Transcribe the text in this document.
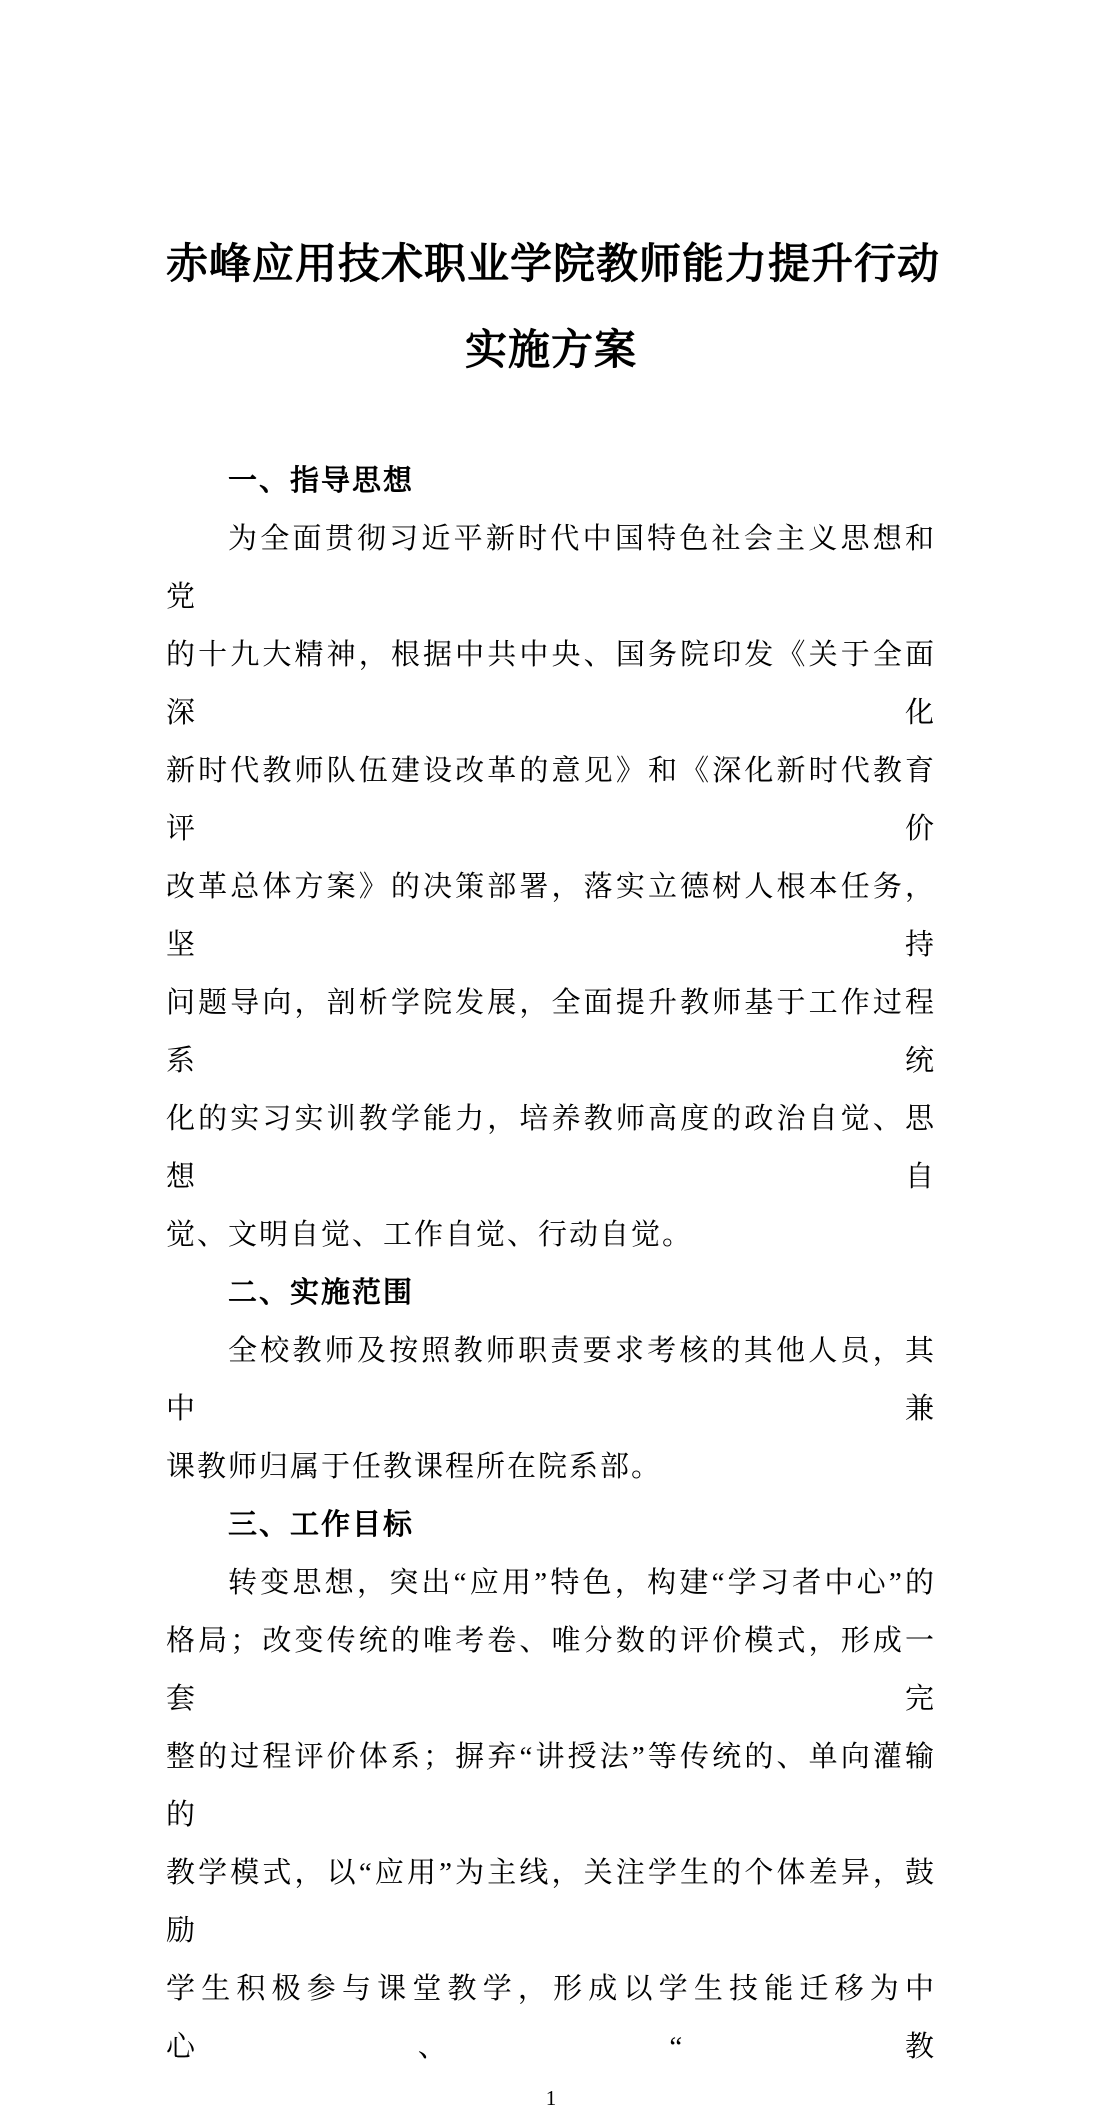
赤峰应用技术职业学院教师能力提升行动
实施方案
一、指导思想
为全面贯彻习近平新时代中国特色社会主义思想和党
的十九大精神，根据中共中央、国务院印发《关于全面深化
新时代教师队伍建设改革的意见》和《深化新时代教育评价
改革总体方案》的决策部署，落实立德树人根本任务，坚持
问题导向，剖析学院发展，全面提升教师基于工作过程系统
化的实习实训教学能力，培养教师高度的政治自觉、思想自
觉、文明自觉、工作自觉、行动自觉。
二、实施范围
全校教师及按照教师职责要求考核的其他人员，其中兼
课教师归属于任教课程所在院系部。
三、工作目标
转变思想，突出“应用”特色，构建“学习者中心”的
格局；改变传统的唯考卷、唯分数的评价模式，形成一套完
整的过程评价体系；摒弃“讲授法”等传统的、单向灌输的
教学模式，以“应用”为主线，关注学生的个体差异，鼓励
学生积极参与课堂教学，形成以学生技能迁移为中心、“教
1
